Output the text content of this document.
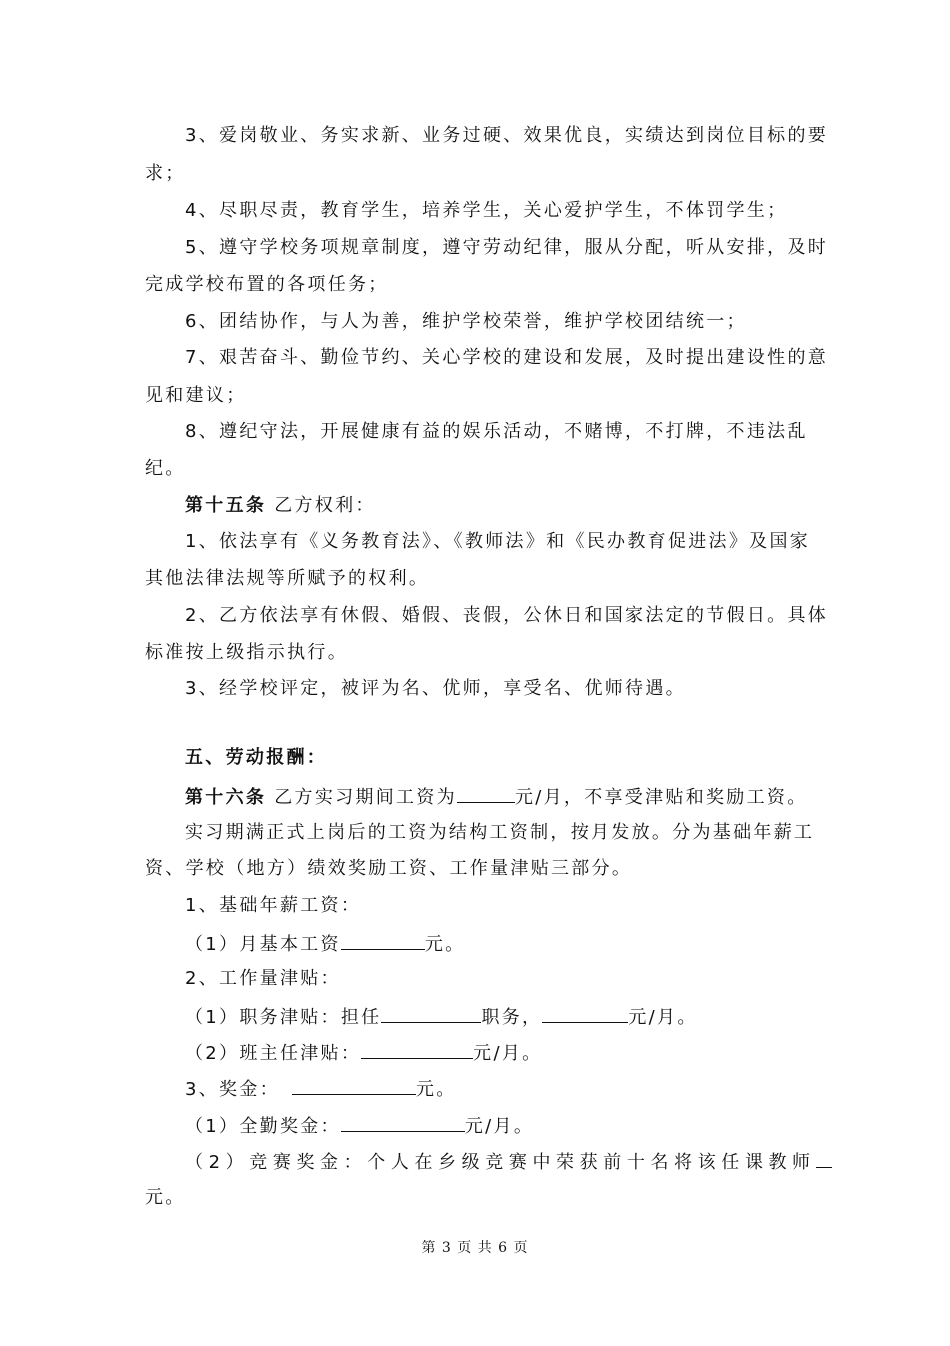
3、爱岗敬业、务实求新、业务过硬、效果优良，实绩达到岗位目标的要
求；
4、尽职尽责，教育学生，培养学生，关心爱护学生，不体罚学生；
5、遵守学校务项规章制度，遵守劳动纪律，服从分配，听从安排，及时
完成学校布置的各项任务；
6、团结协作，与人为善，维护学校荣誉，维护学校团结统一；
7、艰苦奋斗、勤俭节约、关心学校的建设和发展，及时提出建设性的意
见和建议；
8、遵纪守法，开展健康有益的娱乐活动，不赌博，不打牌，不违法乱
纪。
第十五条 乙方权利：
1、依法享有《义务教育法》、《教师法》和《民办教育促进法》及国家
其他法律法规等所赋予的权利。
2、乙方依法享有休假、婚假、丧假，公休日和国家法定的节假日。具体
标准按上级指示执行。
3、经学校评定，被评为名、优师，享受名、优师待遇。
五、劳动报酬：
第十六条 乙方实习期间工资为	元/月，不享受津贴和奖励工资。
实习期满正式上岗后的工资为结构工资制，按月发放。分为基础年薪工
资、学校（地方）绩效奖励工资、工作量津贴三部分。
1、基础年薪工资：
（1）月基本工资	元。
2、工作量津贴：
（1）职务津贴：担任	职务，	元/月。
（2）班主任津贴：	元/月。
3、奖金：	元。
（1）全勤奖金：	元/月。
（2）竞赛奖金：个人在乡级竞赛中荣获前十名将该任课教师
元。
第 3 页 共 6 页
